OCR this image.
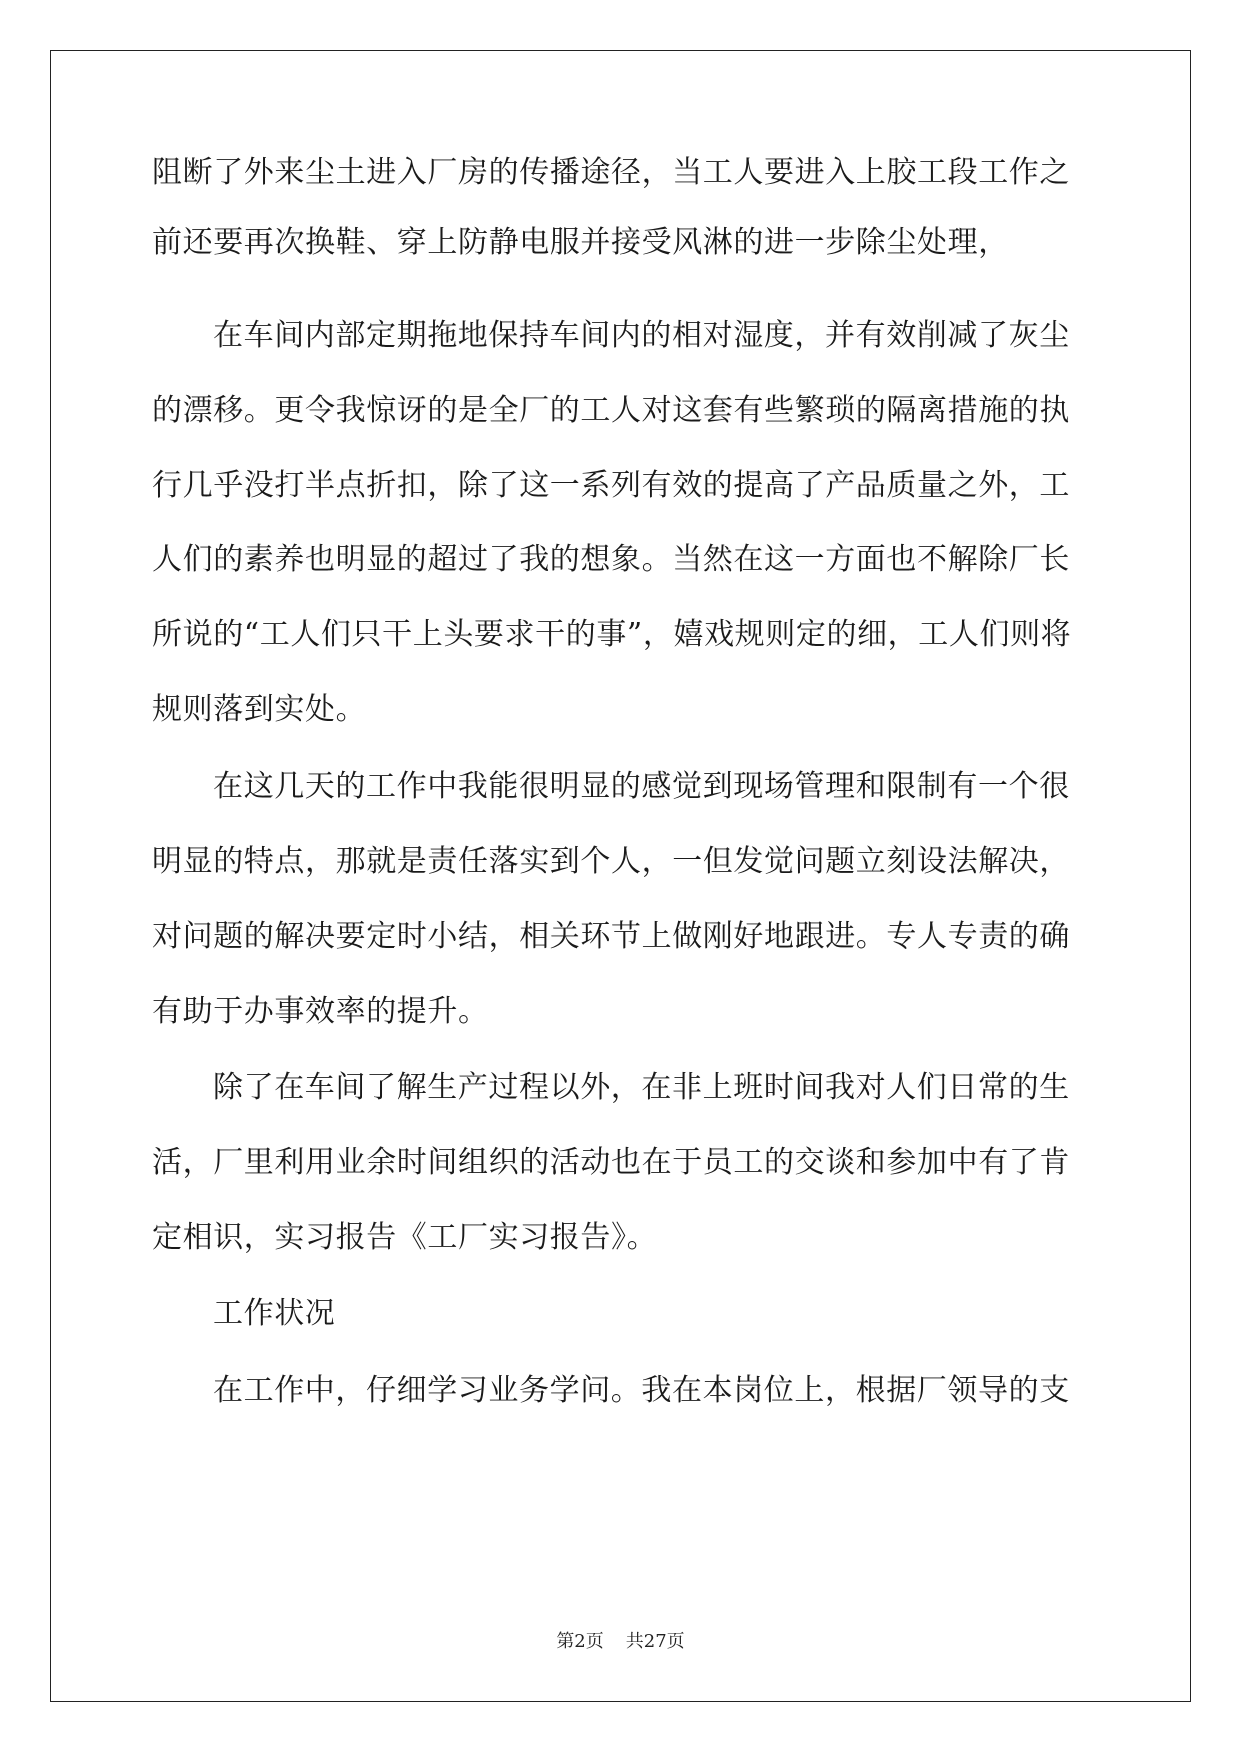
阻断了外来尘土进入厂房的传播途径，当工人要进入上胶工段工作之
前还要再次换鞋、穿上防静电服并接受风淋的进一步除尘处理，
在车间内部定期拖地保持车间内的相对湿度，并有效削减了灰尘
的漂移。更令我惊讶的是全厂的工人对这套有些繁琐的隔离措施的执
行几乎没打半点折扣，除了这一系列有效的提高了产品质量之外，工
人们的素养也明显的超过了我的想象。当然在这一方面也不解除厂长
所说的“工人们只干上头要求干的事”，嬉戏规则定的细，工人们则将
规则落到实处。
在这几天的工作中我能很明显的感觉到现场管理和限制有一个很
明显的特点，那就是责任落实到个人，一但发觉问题立刻设法解决，
对问题的解决要定时小结，相关环节上做刚好地跟进。专人专责的确
有助于办事效率的提升。
除了在车间了解生产过程以外，在非上班时间我对人们日常的生
活，厂里利用业余时间组织的活动也在于员工的交谈和参加中有了肯
定相识，实习报告《工厂实习报告》。
工作状况
在工作中，仔细学习业务学问。我在本岗位上，根据厂领导的支
第2页 共27页
